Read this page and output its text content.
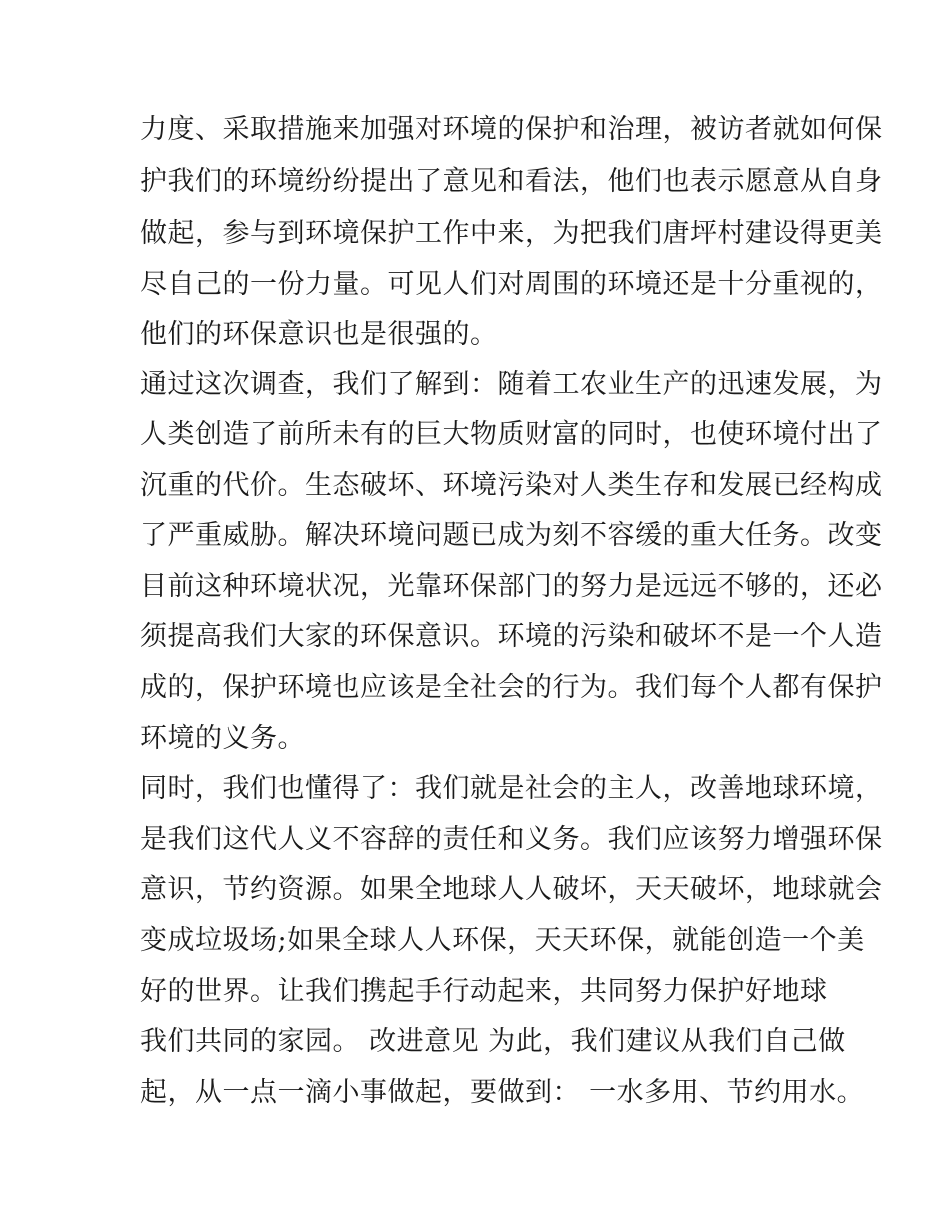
力度、采取措施来加强对环境的保护和治理，被访者就如何保
护我们的环境纷纷提出了意见和看法，他们也表示愿意从自身
做起，参与到环境保护工作中来，为把我们唐坪村建设得更美
尽自己的一份力量。可见人们对周围的环境还是十分重视的，
他们的环保意识也是很强的。
通过这次调查，我们了解到：随着工农业生产的迅速发展，为
人类创造了前所未有的巨大物质财富的同时，也使环境付出了
沉重的代价。生态破坏、环境污染对人类生存和发展已经构成
了严重威胁。解决环境问题已成为刻不容缓的重大任务。改变
目前这种环境状况，光靠环保部门的努力是远远不够的，还必
须提高我们大家的环保意识。环境的污染和破坏不是一个人造
成的，保护环境也应该是全社会的行为。我们每个人都有保护
环境的义务。
同时，我们也懂得了：我们就是社会的主人，改善地球环境，
是我们这代人义不容辞的责任和义务。我们应该努力增强环保
意识，节约资源。如果全地球人人破坏，天天破坏，地球就会
变成垃圾场;如果全球人人环保，天天环保，就能创造一个美
好的世界。让我们携起手行动起来，共同努力保护好地球
我们共同的家园。 改进意见 为此，我们建议从我们自己做
起，从一点一滴小事做起，要做到： 一水多用、节约用水。
